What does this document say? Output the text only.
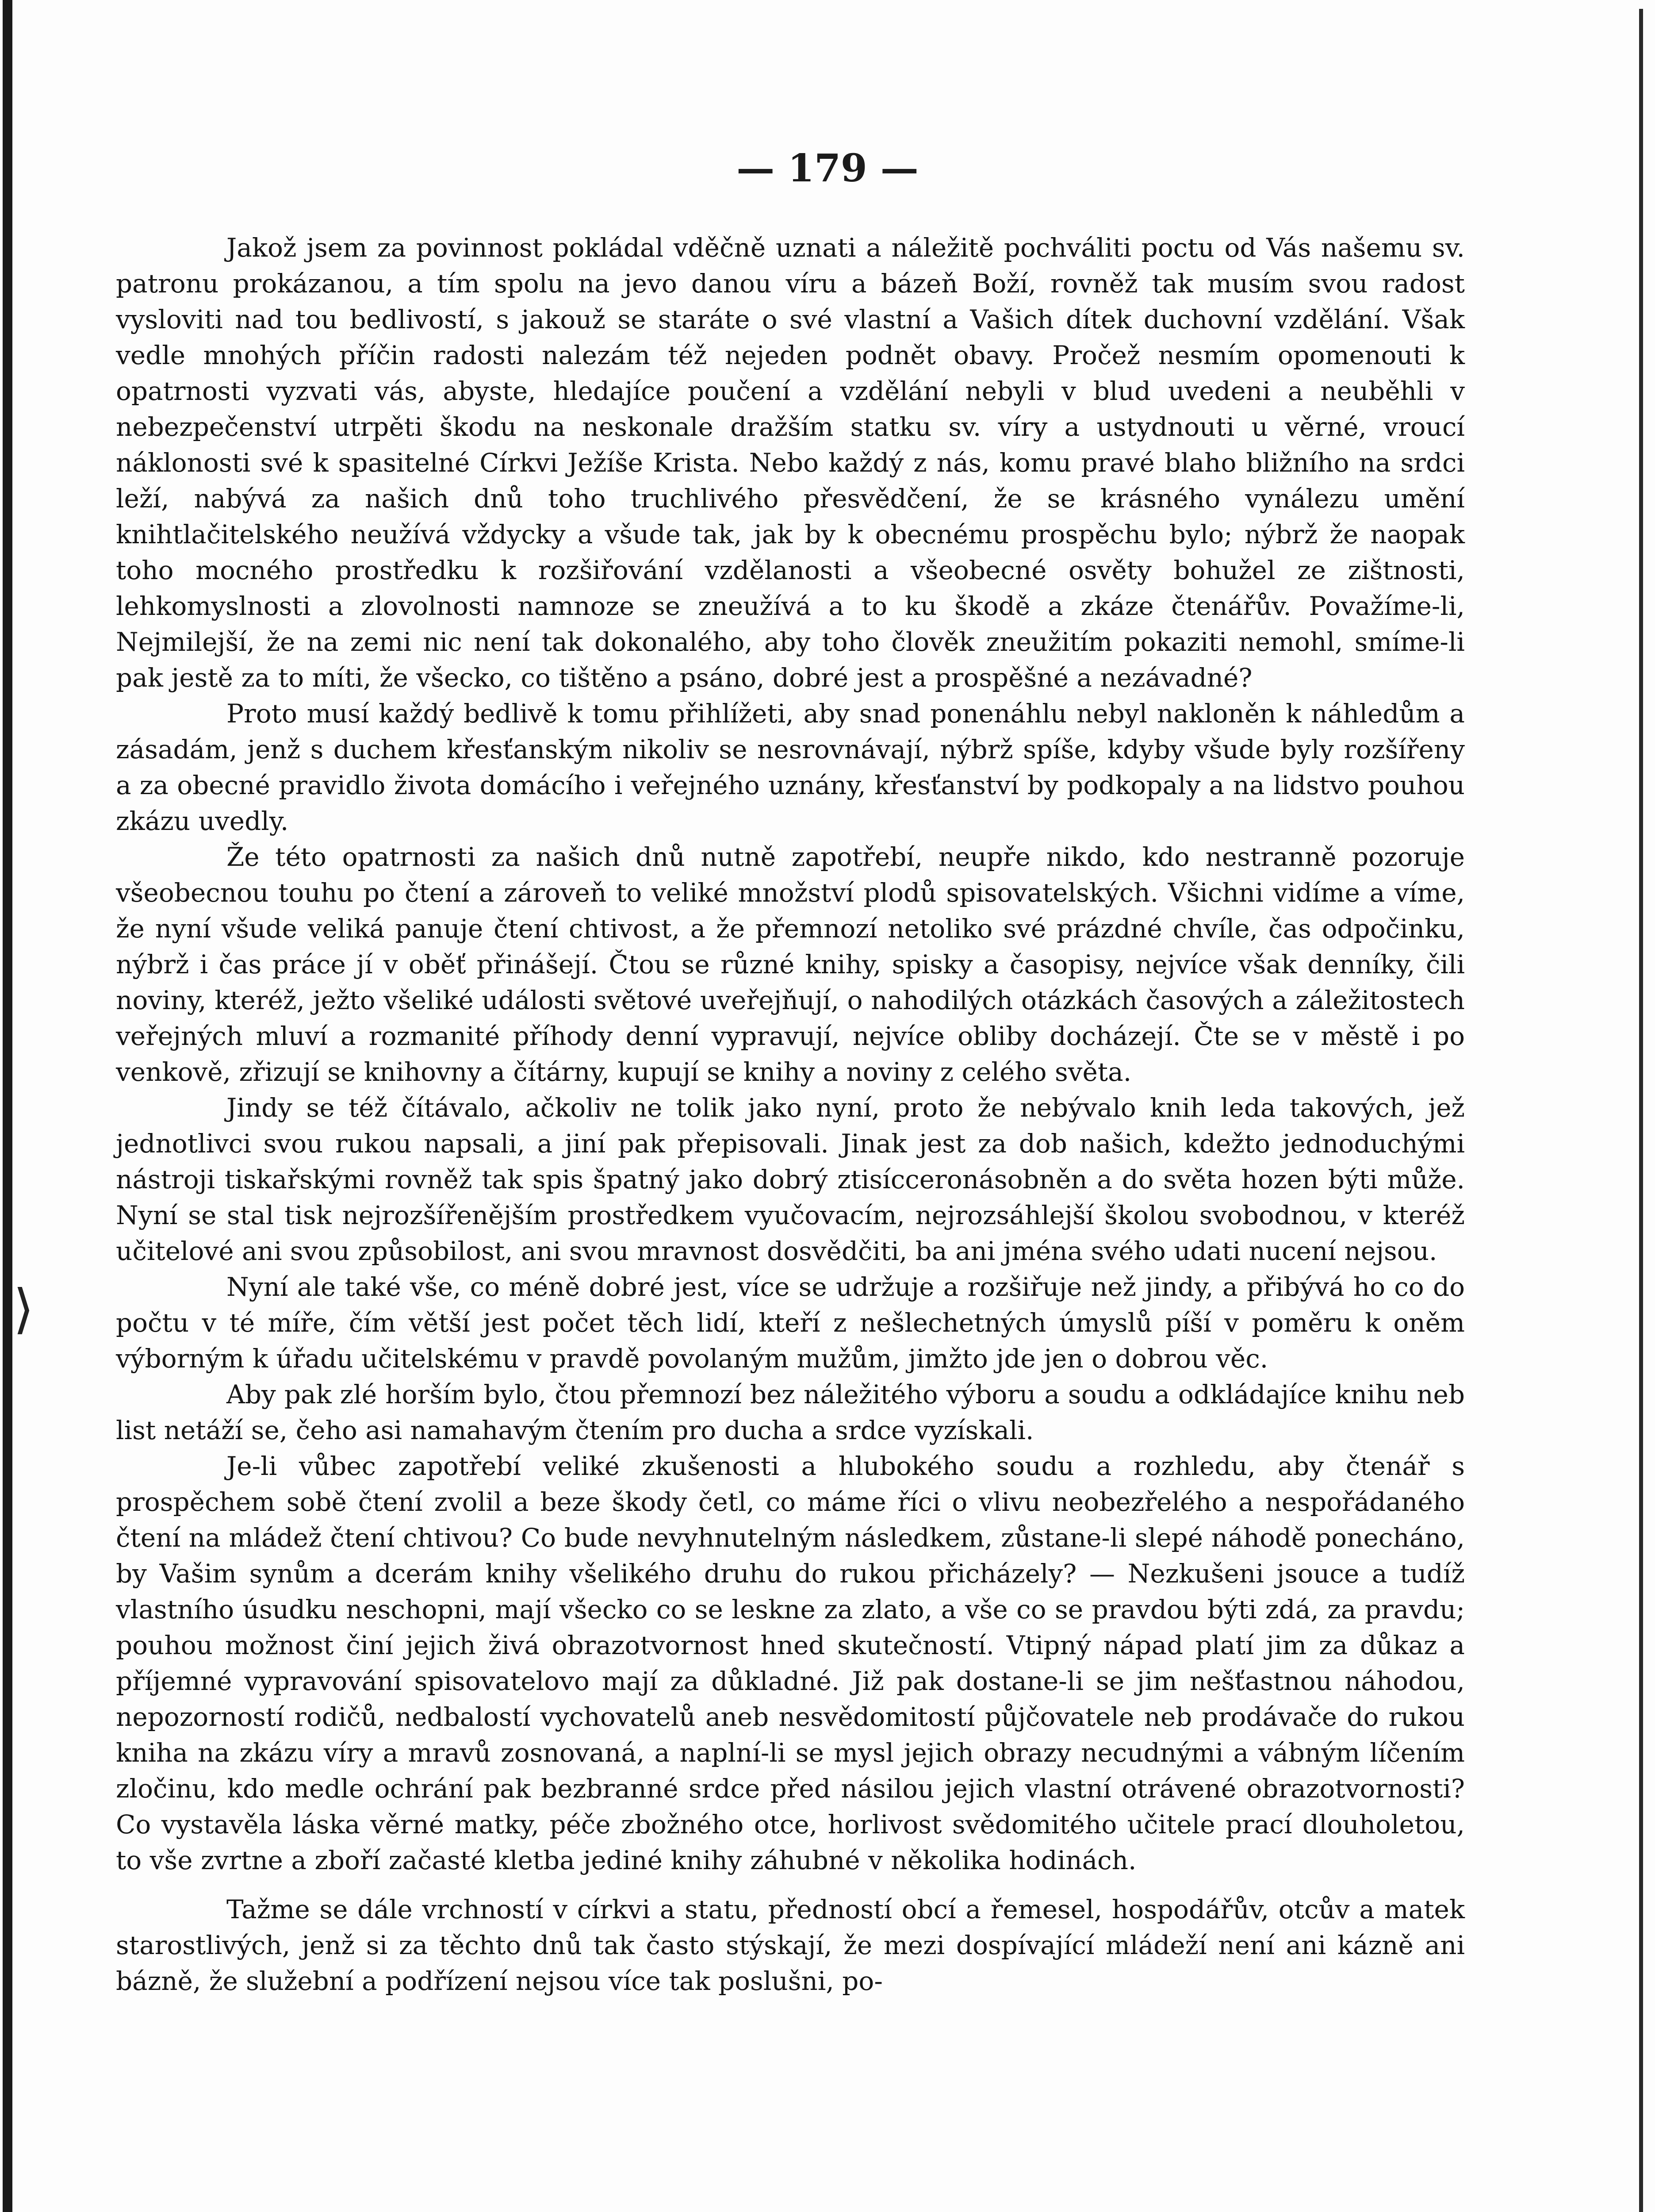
⟩
— 179 —

Jakož jsem za povinnost pokládal vděčně uznati a náležitě pochváliti poctu od Vás našemu sv. patronu prokázanou, a tím spolu na jevo danou víru a bázeň Boží, rovněž tak musím svou radost vysloviti nad tou bedlivostí, s jakouž se staráte o své vlastní a Vašich dítek duchovní vzdělání. Však vedle mnohých příčin radosti nalezám též nejeden podnět obavy. Pročež nesmím opomenouti k opatrnosti vyzvati vás, abyste, hledajíce poučení a vzdělání nebyli v blud uvedeni a neuběhli v nebezpečenství utrpěti škodu na neskonale dražším statku sv. víry a ustydnouti u věrné, vroucí náklonosti své k spasitelné Církvi Ježíše Krista. Nebo každý z nás, komu pravé blaho bližního na srdci leží, nabývá za našich dnů toho truchlivého přesvědčení, že se krásného vynálezu umění knihtlačitelského neužívá vždycky a všude tak, jak by k obecnému prospěchu bylo; nýbrž že naopak toho mocného prostředku k rozšiřování vzdělanosti a všeobecné osvěty bohužel ze zištnosti, lehkomyslnosti a zlovolnosti namnoze se zneužívá a to ku škodě a zkáze čtenářův. Považíme-li, Nejmilejší, že na zemi nic není tak dokonalého, aby toho člověk zneužitím pokaziti nemohl, smíme-li pak jestě za to míti, že všecko, co tištěno a psáno, dobré jest a prospěšné a nezávadné?

Proto musí každý bedlivě k tomu přihlížeti, aby snad ponenáhlu nebyl nakloněn k náhledům a zásadám, jenž s duchem křesťanským nikoliv se nesrovnávají, nýbrž spíše, kdyby všude byly rozšířeny a za obecné pravidlo života domácího i veřejného uznány, křesťanství by podkopaly a na lidstvo pouhou zkázu uvedly.

Že této opatrnosti za našich dnů nutně zapotřebí, neupře nikdo, kdo nestranně pozoruje všeobecnou touhu po čtení a zároveň to veliké množství plodů spisovatelských. Všichni vidíme a víme, že nyní všude veliká panuje čtení chtivost, a že přemnozí netoliko své prázdné chvíle, čas odpočinku, nýbrž i čas práce jí v oběť přinášejí. Čtou se různé knihy, spisky a časopisy, nejvíce však denníky, čili noviny, kteréž, ježto všeliké události světové uveřejňují, o nahodilých otázkách časových a záležitostech veřejných mluví a rozmanité příhody denní vypravují, nejvíce obliby docházejí. Čte se v městě i po venkově, zřizují se knihovny a čítárny, kupují se knihy a noviny z celého světa.

Jindy se též čítávalo, ačkoliv ne tolik jako nyní, proto že nebývalo knih leda takových, jež jednotlivci svou rukou napsali, a jiní pak přepisovali. Jinak jest za dob našich, kdežto jednoduchými nástroji tiskařskými rovněž tak spis špatný jako dobrý ztisícceronásobněn a do světa hozen býti může. Nyní se stal tisk nejrozšířenějším prostředkem vyučovacím, nejrozsáhlejší školou svobodnou, v kteréž učitelové ani svou způsobilost, ani svou mravnost dosvědčiti, ba ani jména svého udati nucení nejsou.

Nyní ale také vše, co méně dobré jest, více se udržuje a rozšiřuje než jindy, a přibývá ho co do počtu v té míře, čím větší jest počet těch lidí, kteří z nešlechetných úmyslů píší v poměru k oněm výborným k úřadu učitelskému v pravdě povolaným mužům, jimžto jde jen o dobrou věc.

Aby pak zlé horším bylo, čtou přemnozí bez náležitého výboru a soudu a odkládajíce knihu neb list netáží se, čeho asi namahavým čtením pro ducha a srdce vyzískali.

Je-li vůbec zapotřebí veliké zkušenosti a hlubokého soudu a rozhledu, aby čtenář s prospěchem sobě čtení zvolil a beze škody četl, co máme říci o vlivu neobezřelého a nespořádaného čtení na mládež čtení chtivou? Co bude nevyhnutelným následkem, zůstane-li slepé náhodě ponecháno, by Vašim synům a dcerám knihy všelikého druhu do rukou přicházely? — Nezkušeni jsouce a tudíž vlastního úsudku neschopni, mají všecko co se leskne za zlato, a vše co se pravdou býti zdá, za pravdu; pouhou možnost činí jejich živá obrazotvornost hned skutečností. Vtipný nápad platí jim za důkaz a příjemné vypravování spisovatelovo mají za důkladné. Již pak dostane-li se jim nešťastnou náhodou, nepozorností rodičů, nedbalostí vychovatelů aneb nesvědomitostí půjčovatele neb prodávače do rukou kniha na zkázu víry a mravů zosnovaná, a naplní-li se mysl jejich obrazy necudnými a vábným líčením zločinu, kdo medle ochrání pak bezbranné srdce před násilou jejich vlastní otrávené obrazotvornosti? Co vystavěla láska věrné matky, péče zbožného otce, horlivost svědomitého učitele prací dlouholetou, to vše zvrtne a zboří začasté kletba jediné knihy záhubné v několika hodinách.

Tažme se dále vrchností v církvi a statu, předností obcí a řemesel, hospodářův, otcův a matek starostlivých, jenž si za těchto dnů tak často stýskají, že mezi dospívající mládeží není ani kázně ani bázně, že služební a podřízení nejsou více tak poslušni, po-
